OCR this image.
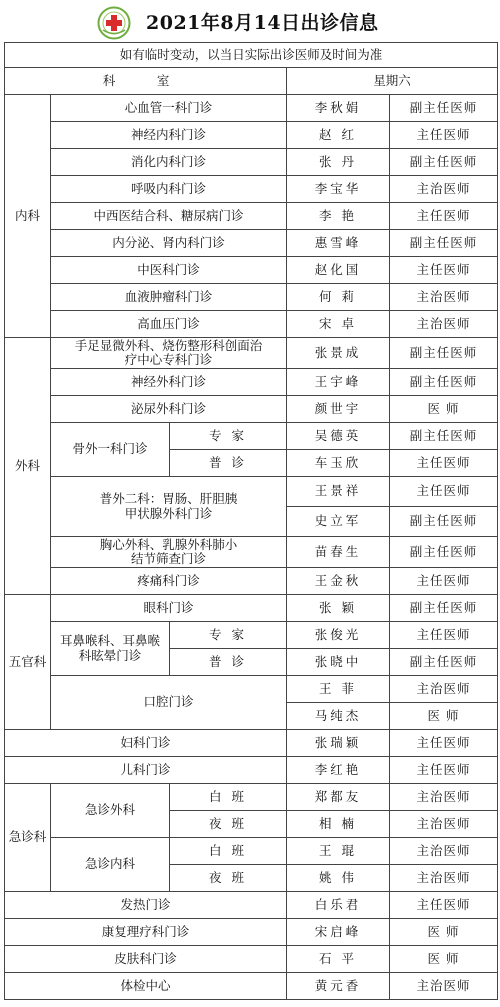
2021年8月14日出诊信息
如有临时变动，以当日实际出诊医师及时间为准				
科 室			星期六	
内科	心血管一科门诊		李秋娟	副主任医师
	神经内科门诊		赵 红	主任医师
	消化内科门诊		张 丹	副主任医师
	呼吸内科门诊		李宝华	主治医师
	中西医结合科、糖尿病门诊		李 艳	主任医师
	内分泌、肾内科门诊		惠雪峰	副主任医师
	中医科门诊		赵化国	主任医师
	血液肿瘤科门诊		何 莉	主治医师
	高血压门诊		宋 卓	主治医师
外科	手足显微外科、烧伤整形科创面治疗中心专科门诊		张景成	副主任医师
	神经外科门诊		王宇峰	副主任医师
	泌尿外科门诊		颜世宇	医 师
	骨外一科门诊	专 家	吴德英	副主任医师
		普 诊	车玉欣	主任医师
	普外二科：胃肠、肝胆胰甲状腺外科门诊		王景祥	主任医师
			史立军	副主任医师
	胸心外科、乳腺外科肺小结节筛查门诊		苗春生	副主任医师
	疼痛科门诊		王金秋	主任医师
五官科	眼科门诊		张 颖	副主任医师
	耳鼻喉科、耳鼻喉科眩晕门诊	专 家	张俊光	主任医师
		普 诊	张晓中	副主任医师
	口腔门诊		王 菲	主治医师
			马纯杰	医 师
妇科门诊			张瑞颖	主任医师
儿科门诊			李红艳	主任医师
急诊科	急诊外科	白 班	郑都友	主治医师
		夜 班	相 楠	主治医师
	急诊内科	白 班	王 琨	主治医师
		夜 班	姚 伟	主治医师
发热门诊			白乐君	主任医师
康复理疗科门诊			宋启峰	医 师
皮肤科门诊			石 平	医 师
体检中心			黄元香	主治医师
